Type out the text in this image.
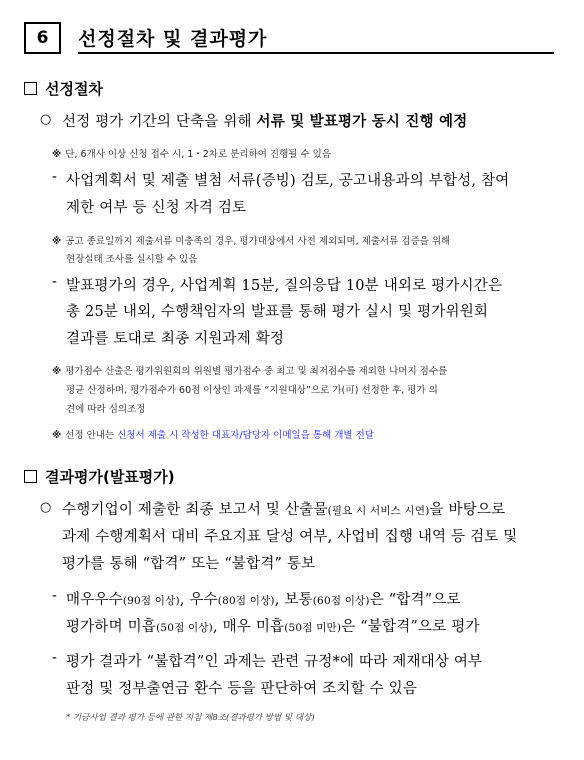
6	선정절차 및 결과평가
선정절차
○ 선정 평가 기간의 단축을 위해 서류 및 발표평가 동시 진행 예정
※ 단, 6개사 이상 신청 접수 시, 1・2차로 분리하여 진행될 수 있음
- 사업계획서 및 제출 별첨 서류(증빙) 검토, 공고내용과의 부합성, 참여
제한 여부 등 신청 자격 검토
※ 공고 종료일까지 제출서류 미충족의 경우, 평가대상에서 사전 제외되며, 제출서류 검증을 위해
현장실태 조사를 실시할 수 있음
- 발표평가의 경우, 사업계획 15분, 질의응답 10분 내외로 평가시간은
총 25분 내외, 수행책임자의 발표를 통해 평가 실시 및 평가위원회
결과를 토대로 최종 지원과제 확정
※ 평가점수 산출은 평가위원회의 위원별 평가점수 중 최고 및 최저점수를 제외한 나머지 점수를
평균 산정하며, 평가점수가 60점 이상인 과제를 “지원대상”으로 가(可) 선정한 후, 평가 의
견에 따라 심의조정
※ 선정 안내는 신청서 제출 시 작성한 대표자/담당자 이메일을 통해 개별 전달
결과평가(발표평가)
○ 수행기업이 제출한 최종 보고서 및 산출물(필요 시 서비스 시연)을 바탕으로
과제 수행계획서 대비 주요지표 달성 여부, 사업비 집행 내역 등 검토 및
평가를 통해 “합격” 또는 “불합격” 통보
- 매우우수(90점 이상), 우수(80점 이상), 보통(60점 이상)은 “합격”으로
평가하며 미흡(50점 이상), 매우 미흡(50점 미만)은 “불합격”으로 평가
- 평가 결과가 “불합격”인 과제는 관련 규정*에 따라 제재대상 여부
판정 및 정부출연금 환수 등을 판단하여 조치할 수 있음
* 기금사업 결과 평가 등에 관한 지침 제8조(결과평가 방법 및 대상)
